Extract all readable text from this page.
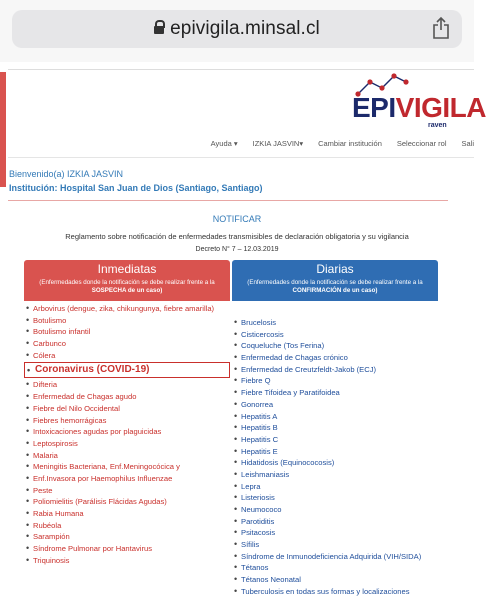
epivigila.minsal.cl
EPIVIGILA
raven
Ayuda ▾ IZKIA JASVIN▾ Cambiar institución Seleccionar rol Sali
Bienvenido(a) IZKIA JASVIN
Institución: Hospital San Juan de Dios (Santiago, Santiago)
NOTIFICAR
Reglamento sobre notificación de enfermedades transmisibles de declaración obligatoria y su vigilancia
Decreto N° 7 – 12.03.2019
Inmediatas
(Enfermedades donde la notificación se debe realizar frente a la
SOSPECHA de un caso)
• Arbovirus (dengue, zika, chikungunya, fiebre amarilla)
• Botulismo
• Botulismo infantil
• Carbunco
• Cólera
• Coronavirus (COVID-19)
• Difteria
• Enfermedad de Chagas agudo
• Fiebre del Nilo Occidental
• Fiebres hemorrágicas
• Intoxicaciones agudas por plaguicidas
• Leptospirosis
• Malaria
• Meningitis Bacteriana, Enf.Meningocócica y
• Enf.Invasora por Haemophilus Influenzae
• Peste
• Poliomielitis (Parálisis Flácidas Agudas)
• Rabia Humana
• Rubéola
• Sarampión
• Síndrome Pulmonar por Hantavirus
• Triquinosis
Diarias
(Enfermedades donde la notificación se debe realizar frente a la
CONFIRMACIÓN de un caso)
• Brucelosis
• Cisticercosis
• Coqueluche (Tos Ferina)
• Enfermedad de Chagas crónico
• Enfermedad de Creutzfeldt-Jakob (ECJ)
• Fiebre Q
• Fiebre Tifoidea y Paratifoidea
• Gonorrea
• Hepatitis A
• Hepatitis B
• Hepatitis C
• Hepatitis E
• Hidatidosis (Equinococosis)
• Leishmaniasis
• Lepra
• Listeriosis
• Neumococo
• Parotiditis
• Psitacosis
• Sífilis
• Síndrome de Inmunodeficiencia Adquirida (VIH/SIDA)
• Tétanos
• Tétanos Neonatal
• Tuberculosis en todas sus formas y localizaciones
